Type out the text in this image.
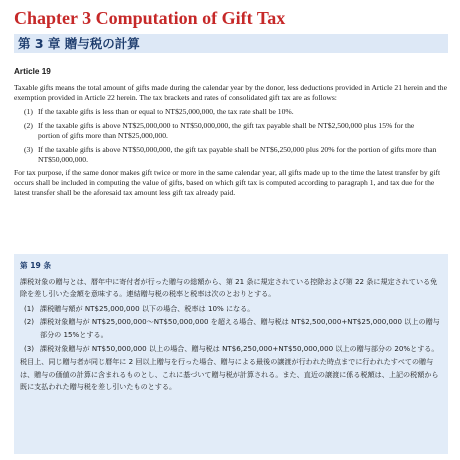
Chapter 3 Computation of Gift Tax
第 3 章 贈与税の計算
Article 19

Taxable gifts means the total amount of gifts made during the calendar year by the donor, less deductions provided in Article 21 herein and the exemption provided in Article 22 herein. The tax brackets and rates of consolidated gift tax are as follows:

(1) If the taxable gifts is less than or equal to NT$25,000,000, the tax rate shall be 10%.
(2) If the taxable gifts is above NT$25,000,000 to NT$50,000,000, the gift tax payable shall be NT$2,500,000 plus 15% for the portion of gifts more than NT$25,000,000.
(3) If the taxable gifts is above NT$50,000,000, the gift tax payable shall be NT$6,250,000 plus 20% for the portion of gifts more than NT$50,000,000.

For tax purpose, if the same donor makes gift twice or more in the same calendar year, all gifts made up to the time the latest transfer by gift occurs shall be included in computing the value of gifts, based on which gift tax is computed according to paragraph 1, and tax due for the latest transfer shall be the aforesaid tax amount less gift tax already paid.

第 19 条

課税対象の贈与とは、暦年中に寄付者が行った贈与の総額から、第 21 条に規定されている控除および第 22 条に規定されている免除を差し引いた金額を意味する。連結贈与税の税率と税率は次のとおりとする。

(1) 課税贈与額が NT$25,000,000 以下の場合、税率は 10% になる。
(2) 課税対象贈与が NT$25,000,000～NT$50,000,000 を超える場合、贈与税は NT$2,500,000+NT$25,000,000 以上の贈与部分の 15%とする。
(3) 課税対象贈与が NT$50,000,000 以上の場合、贈与税は NT$6,250,000+NT$50,000,000 以上の贈与部分の 20%とする。

税目上、同じ贈与者が同じ暦年に 2 回以上贈与を行った場合、贈与による最後の譲渡が行われた時点までに行われたすべての贈与は、贈与の価値の計算に含まれるものとし、これに基づいて贈与税が計算される。また、直近の譲渡に係る税額は、上記の税額から既に支払われた贈与税を差し引いたものとする。
